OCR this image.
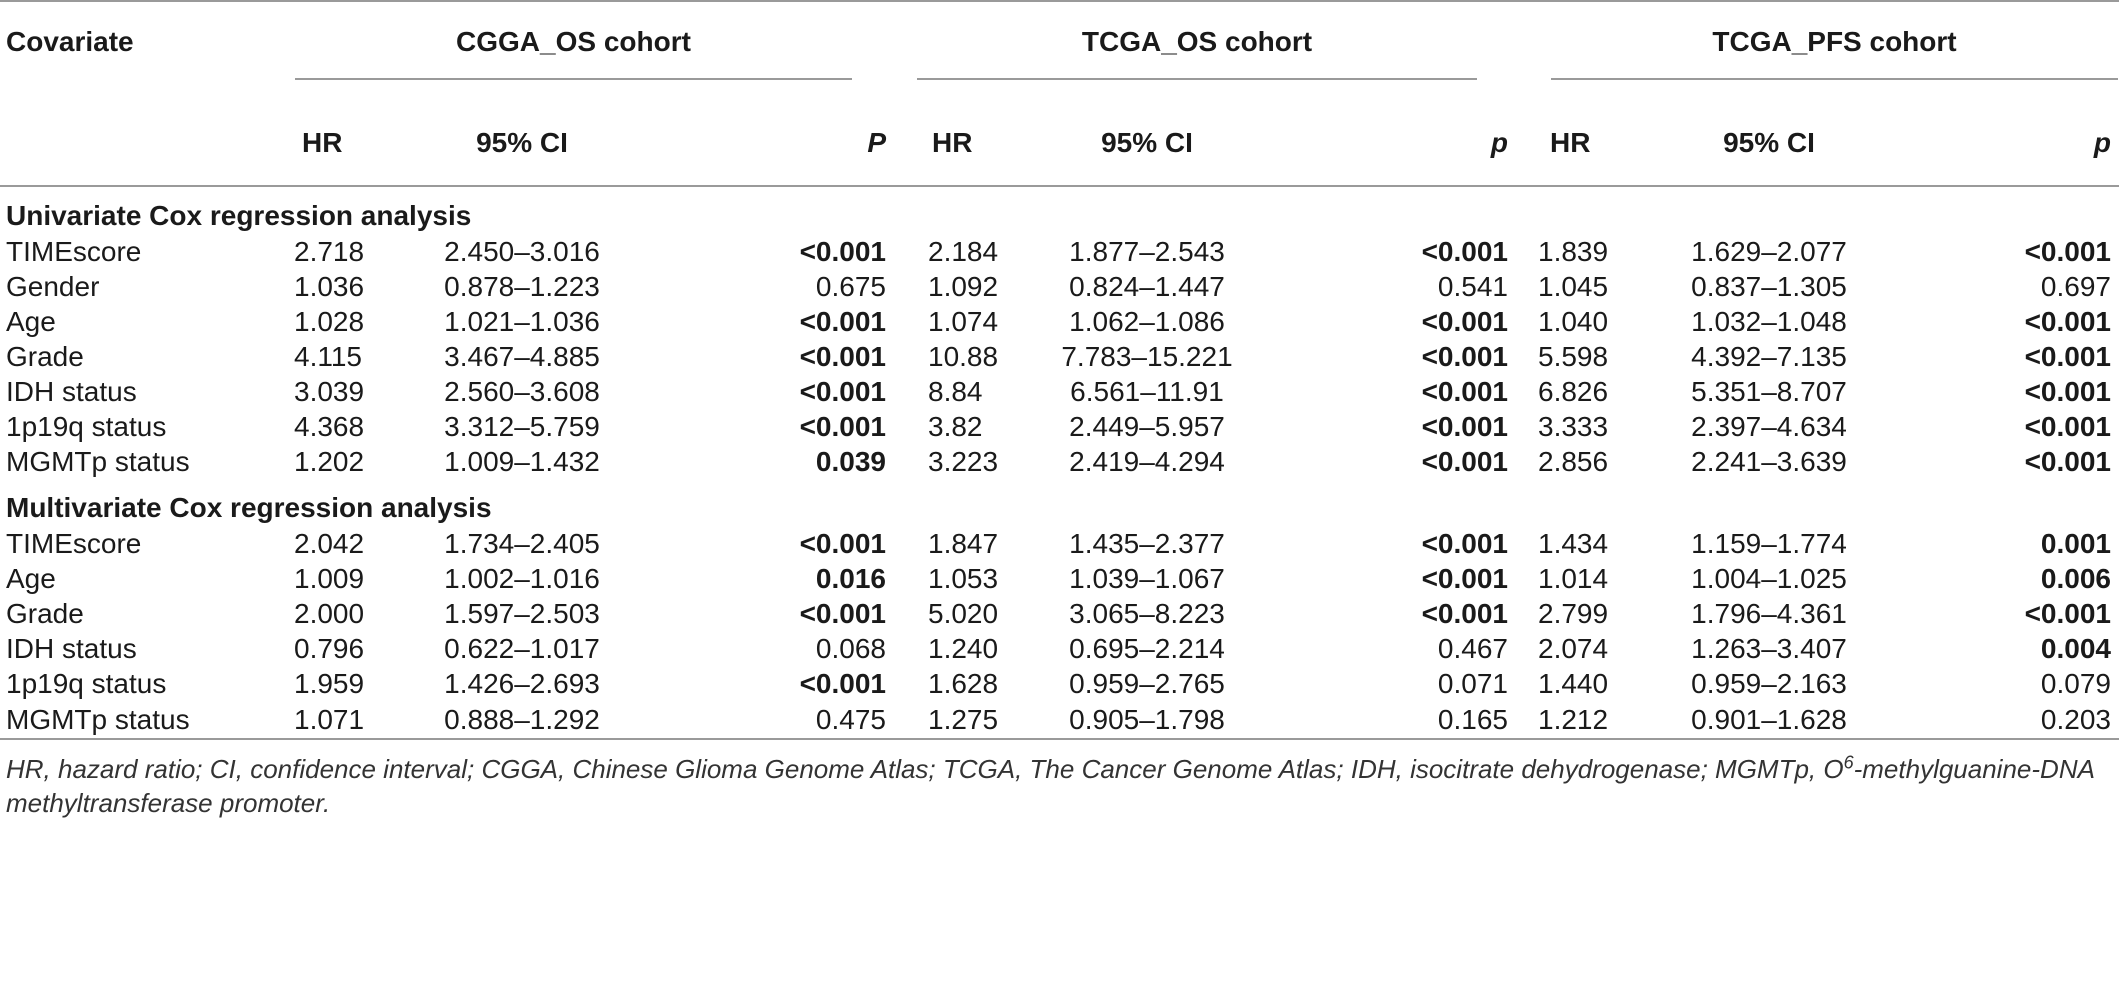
Covariate	CGGA_OS cohort			TCGA_OS cohort			TCGA_PFS cohort		

	HR	95% CI	P	HR	95% CI	p	HR	95% CI	p
Univariate Cox regression analysis									
TIMEscore	2.718	2.450–3.016	<0.001	2.184	1.877–2.543	<0.001	1.839	1.629–2.077	<0.001
Gender	1.036	0.878–1.223	0.675	1.092	0.824–1.447	0.541	1.045	0.837–1.305	0.697
Age	1.028	1.021–1.036	<0.001	1.074	1.062–1.086	<0.001	1.040	1.032–1.048	<0.001
Grade	4.115	3.467–4.885	<0.001	10.88	7.783–15.221	<0.001	5.598	4.392–7.135	<0.001
IDH status	3.039	2.560–3.608	<0.001	8.84	6.561–11.91	<0.001	6.826	5.351–8.707	<0.001
1p19q status	4.368	3.312–5.759	<0.001	3.82	2.449–5.957	<0.001	3.333	2.397–4.634	<0.001
MGMTp status	1.202	1.009–1.432	0.039	3.223	2.419–4.294	<0.001	2.856	2.241–3.639	<0.001
Multivariate Cox regression analysis									
TIMEscore	2.042	1.734–2.405	<0.001	1.847	1.435–2.377	<0.001	1.434	1.159–1.774	0.001
Age	1.009	1.002–1.016	0.016	1.053	1.039–1.067	<0.001	1.014	1.004–1.025	0.006
Grade	2.000	1.597–2.503	<0.001	5.020	3.065–8.223	<0.001	2.799	1.796–4.361	<0.001
IDH status	0.796	0.622–1.017	0.068	1.240	0.695–2.214	0.467	2.074	1.263–3.407	0.004
1p19q status	1.959	1.426–2.693	<0.001	1.628	0.959–2.765	0.071	1.440	0.959–2.163	0.079
MGMTp status	1.071	0.888–1.292	0.475	1.275	0.905–1.798	0.165	1.212	0.901–1.628	0.203
HR, hazard ratio; CI, confidence interval; CGGA, Chinese Glioma Genome Atlas; TCGA, The Cancer Genome Atlas; IDH, isocitrate dehydrogenase; MGMTp, $O^6-methylguanine$-DNA methyltransferase promoter.
